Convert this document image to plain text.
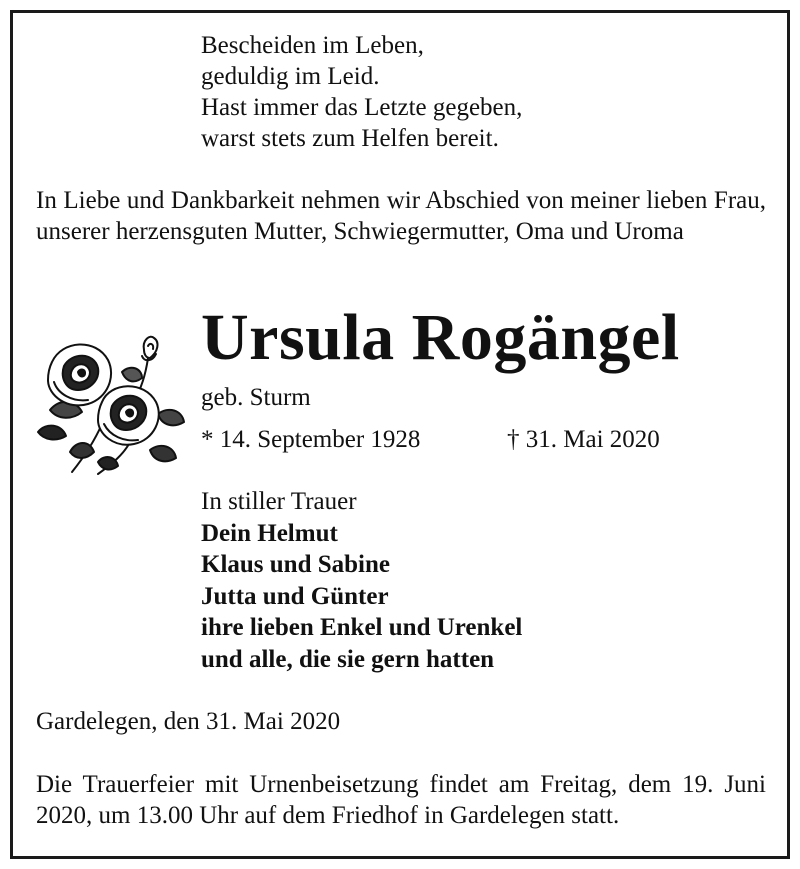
Bescheiden im Leben,
geduldig im Leid.
Hast immer das Letzte gegeben,
warst stets zum Helfen bereit.
In Liebe und Dankbarkeit nehmen wir Abschied von meiner lieben Frau, unserer herzensguten Mutter, Schwiegermutter, Oma und Uroma
Ursula Rogängel
geb. Sturm
* 14. September 1928	† 31. Mai 2020
In stiller Trauer
Dein Helmut
Klaus und Sabine
Jutta und Günter
ihre lieben Enkel und Urenkel
und alle, die sie gern hatten
Gardelegen, den 31. Mai 2020
Die Trauerfeier mit Urnenbeisetzung findet am Freitag, dem 19. Juni 2020, um 13.00 Uhr auf dem Friedhof in Gardelegen statt.
